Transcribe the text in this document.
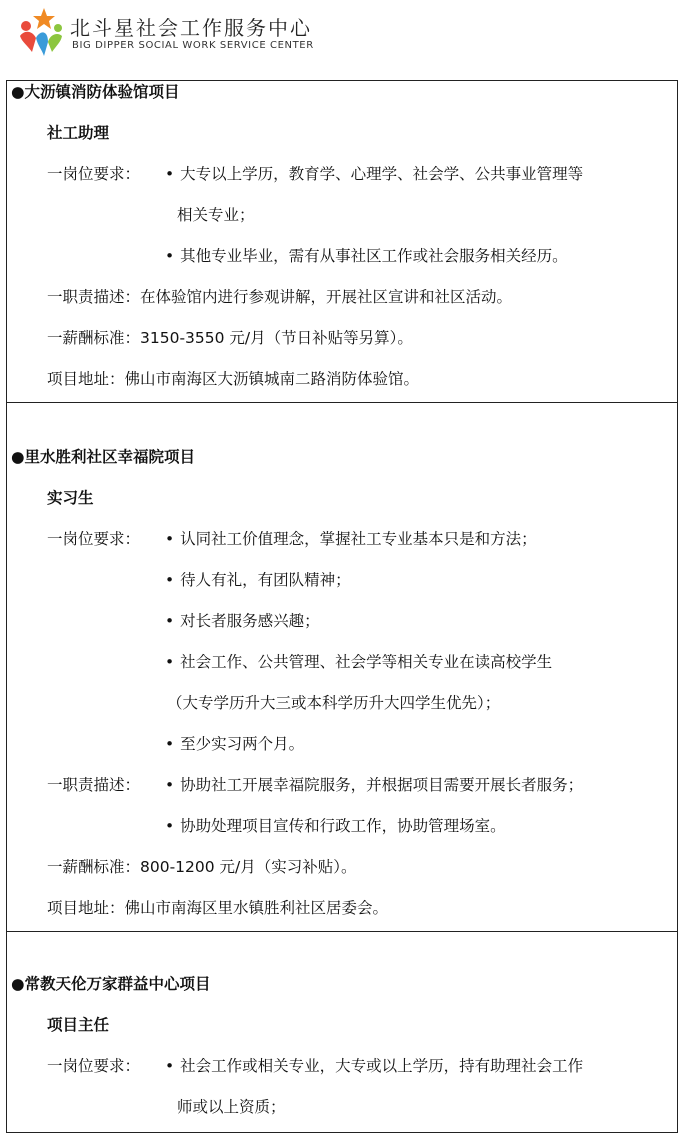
北斗星社会工作服务中心
BIG DIPPER SOCIAL WORK SERVICE CENTER
●大沥镇消防体验馆项目
社工助理
一岗位要求：	• 大专以上学历，教育学、心理学、社会学、公共事业管理等
相关专业；
• 其他专业毕业，需有从事社区工作或社会服务相关经历。
一职责描述：在体验馆内进行参观讲解，开展社区宣讲和社区活动。
一薪酬标准：3150-3550 元/月（节日补贴等另算）。
项目地址：佛山市南海区大沥镇城南二路消防体验馆。
●里水胜利社区幸福院项目
实习生
一岗位要求：	• 认同社工价值理念，掌握社工专业基本只是和方法；
• 待人有礼，有团队精神；
• 对长者服务感兴趣；
• 社会工作、公共管理、社会学等相关专业在读高校学生
（大专学历升大三或本科学历升大四学生优先）；
• 至少实习两个月。
一职责描述：	• 协助社工开展幸福院服务，并根据项目需要开展长者服务；
• 协助处理项目宣传和行政工作，协助管理场室。
一薪酬标准：800-1200 元/月（实习补贴）。
项目地址：佛山市南海区里水镇胜利社区居委会。
●常教天伦万家群益中心项目
项目主任
一岗位要求：	• 社会工作或相关专业，大专或以上学历，持有助理社会工作
师或以上资质；
